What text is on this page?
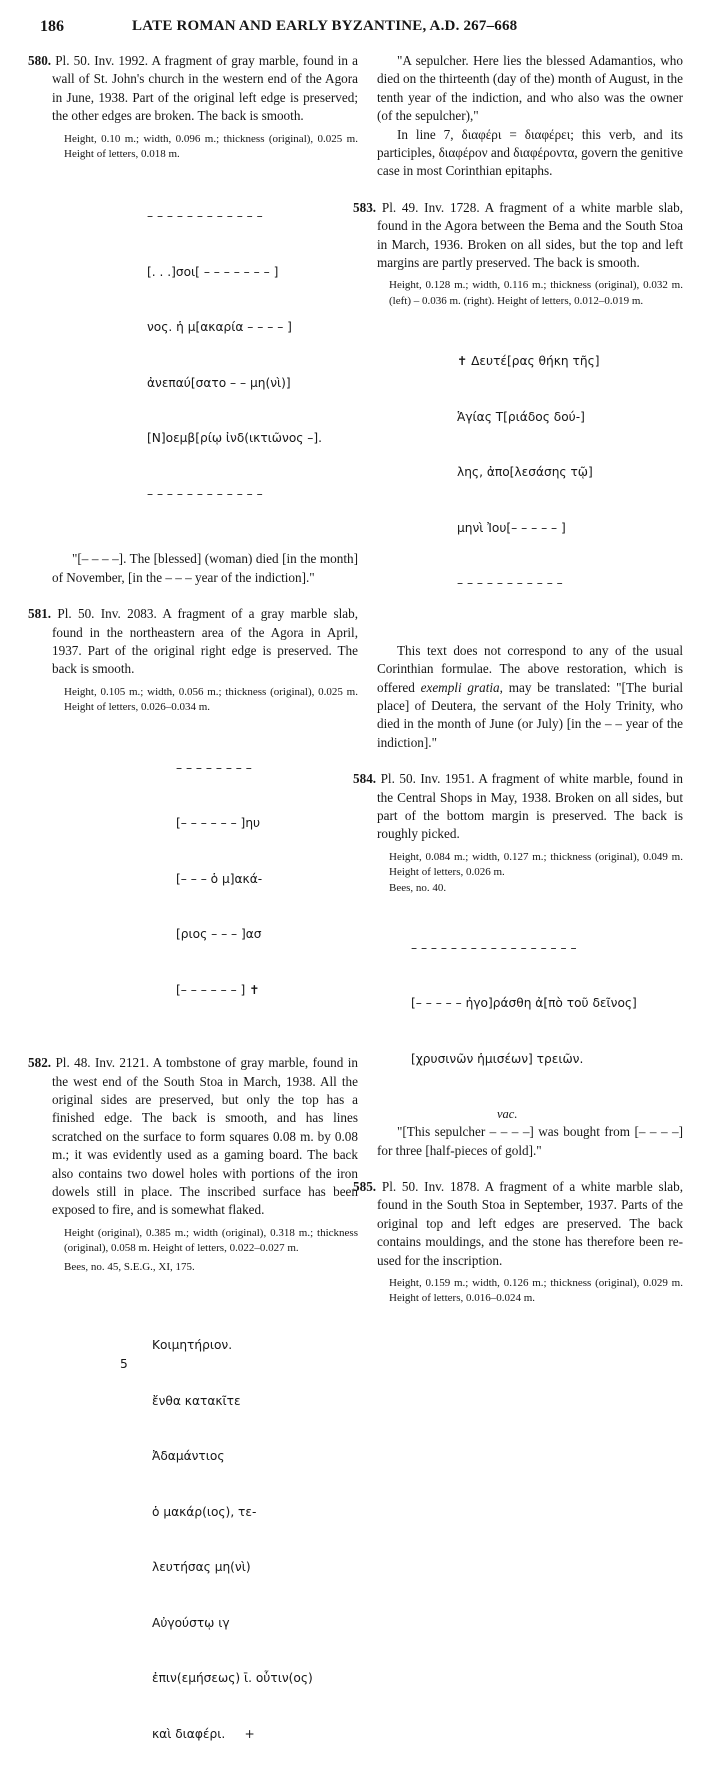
186	LATE ROMAN AND EARLY BYZANTINE, A.D. 267–668

580. Pl. 50. Inv. 1992. A fragment of gray marble, found in a wall of St. John's church in the western end of the Agora in June, 1938. Part of the original left edge is preserved; the other edges are broken. The back is smooth.

Height, 0.10 m.; width, 0.096 m.; thickness (original), 0.025 m. Height of letters, 0.018 m.

– – – – – – – – – – – –

[. . .]σοι[ – – – – – – – ]

νος. ἡ μ[ακαρία – – – – ]

ἀνεπαύ[σατο – – μη(νὶ)]

[Ν]οεμβ[ρίῳ ἰνδ(ικτιῶνος –].

– – – – – – – – – – – –

"[– – – –]. The [blessed] (woman) died [in the month] of November, [in the – – – year of the indiction]."

581. Pl. 50. Inv. 2083. A fragment of a gray marble slab, found in the northeastern area of the Agora in April, 1937. Part of the original right edge is preserved. The back is smooth.

Height, 0.105 m.; width, 0.056 m.; thickness (original), 0.025 m. Height of letters, 0.026–0.034 m.

– – – – – – – –

[– – – – – – ]ηυ

[– – – ὁ μ]ακά-

[ριος – – – ]ασ

[– – – – – – ] ✝

582. Pl. 48. Inv. 2121. A tombstone of gray marble, found in the west end of the South Stoa in March, 1938. All the original sides are preserved, but only the top has a finished edge. The back is smooth, and has lines scratched on the surface to form squares 0.08 m. by 0.08 m.; it was evidently used as a gaming board. The back also contains two dowel holes with portions of the iron dowels still in place. The inscribed surface has been exposed to fire, and is somewhat flaked.

Height (original), 0.385 m.; width (original), 0.318 m.; thickness (original), 0.058 m. Height of letters, 0.022–0.027 m.

Bees, no. 45, S.E.G., XI, 175.

5

Κοιμητήριον.

ἔνθα κατακῖτε

Ἀδαμάντιος

ὁ μακάρ(ιος), τε-

λευτήσας μη(νὶ)

Αὐγούστῳ ιγ

ἐπιν(εμήσεως) ῑ. οὗτιν(ος)

καὶ διαφέρι.     +

"A sepulcher. Here lies the blessed Adamantios, who died on the thirteenth (day of the) month of August, in the tenth year of the indiction, and who also was the owner (of the sepulcher),"

In line 7, διαφέρι = διαφέρει; this verb, and its participles, διαφέρον and διαφέροντα, govern the genitive case in most Corinthian epitaphs.

583. Pl. 49. Inv. 1728. A fragment of a white marble slab, found in the Agora between the Bema and the South Stoa in March, 1936. Broken on all sides, but the top and left margins are partly preserved. The back is smooth.

Height, 0.128 m.; width, 0.116 m.; thickness (original), 0.032 m. (left) – 0.036 m. (right). Height of letters, 0.012–0.019 m.

✝ Δευτέ[ρας θήκη τῆς]

Ἁγίας Τ[ριάδος δού-]

λης, ἀπο[λεσάσης τῷ]

μηνὶ Ἰου[– – – – – ]

– – – – – – – – – – –

This text does not correspond to any of the usual Corinthian formulae. The above restoration, which is offered exempli gratia, may be translated: "[The burial place] of Deutera, the servant of the Holy Trinity, who died in the month of June (or July) [in the – – year of the indiction]."

584. Pl. 50. Inv. 1951. A fragment of white marble, found in the Central Shops in May, 1938. Broken on all sides, but part of the bottom margin is preserved. The back is roughly picked.

Height, 0.084 m.; width, 0.127 m.; thickness (original), 0.049 m. Height of letters, 0.026 m.

Bees, no. 40.

– – – – – – – – – – – – – – – – –

[– – – – – ἠγο]ράσθη ἀ[πὸ τοῦ δεῖνος]

[χρυσινῶν ἡμισέων] τρειῶν.

vac.

"[This sepulcher – – – –] was bought from [– – – –] for three [half-pieces of gold]."

585. Pl. 50. Inv. 1878. A fragment of a white marble slab, found in the South Stoa in September, 1937. Parts of the original top and left edges are preserved. The back contains mouldings, and the stone has therefore been re-used for the inscription.

Height, 0.159 m.; width, 0.126 m.; thickness (original), 0.029 m. Height of letters, 0.016–0.024 m.
